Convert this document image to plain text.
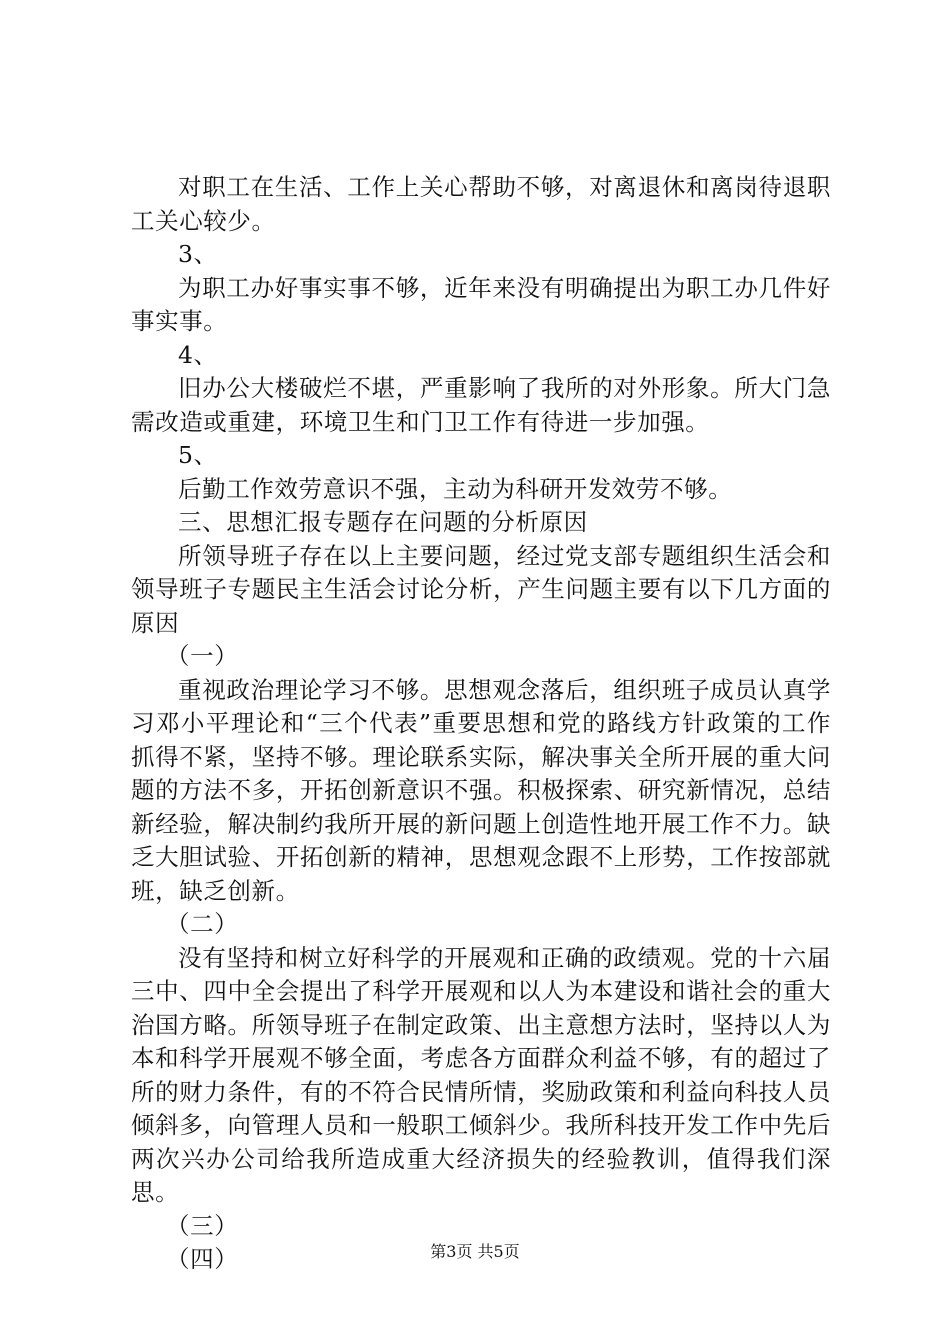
对职工在生活、工作上关心帮助不够，对离退休和离岗待退职工关心较少。

3、

为职工办好事实事不够，近年来没有明确提出为职工办几件好事实事。

4、

旧办公大楼破烂不堪，严重影响了我所的对外形象。所大门急需改造或重建，环境卫生和门卫工作有待进一步加强。

5、

后勤工作效劳意识不强，主动为科研开发效劳不够。

三、思想汇报专题存在问题的分析原因

所领导班子存在以上主要问题，经过党支部专题组织生活会和领导班子专题民主生活会讨论分析，产生问题主要有以下几方面的原因

（一）

重视政治理论学习不够。思想观念落后，组织班子成员认真学习邓小平理论和“三个代表”重要思想和党的路线方针政策的工作抓得不紧，坚持不够。理论联系实际，解决事关全所开展的重大问题的方法不多，开拓创新意识不强。积极探索、研究新情况，总结新经验，解决制约我所开展的新问题上创造性地开展工作不力。缺乏大胆试验、开拓创新的精神，思想观念跟不上形势，工作按部就班，缺乏创新。

（二）

没有坚持和树立好科学的开展观和正确的政绩观。党的十六届三中、四中全会提出了科学开展观和以人为本建设和谐社会的重大治国方略。所领导班子在制定政策、出主意想方法时，坚持以人为本和科学开展观不够全面，考虑各方面群众利益不够，有的超过了所的财力条件，有的不符合民情所情，奖励政策和利益向科技人员倾斜多，向管理人员和一般职工倾斜少。我所科技开发工作中先后两次兴办公司给我所造成重大经济损失的经验教训，值得我们深思。

（三）

（四）	第3页 共5页
